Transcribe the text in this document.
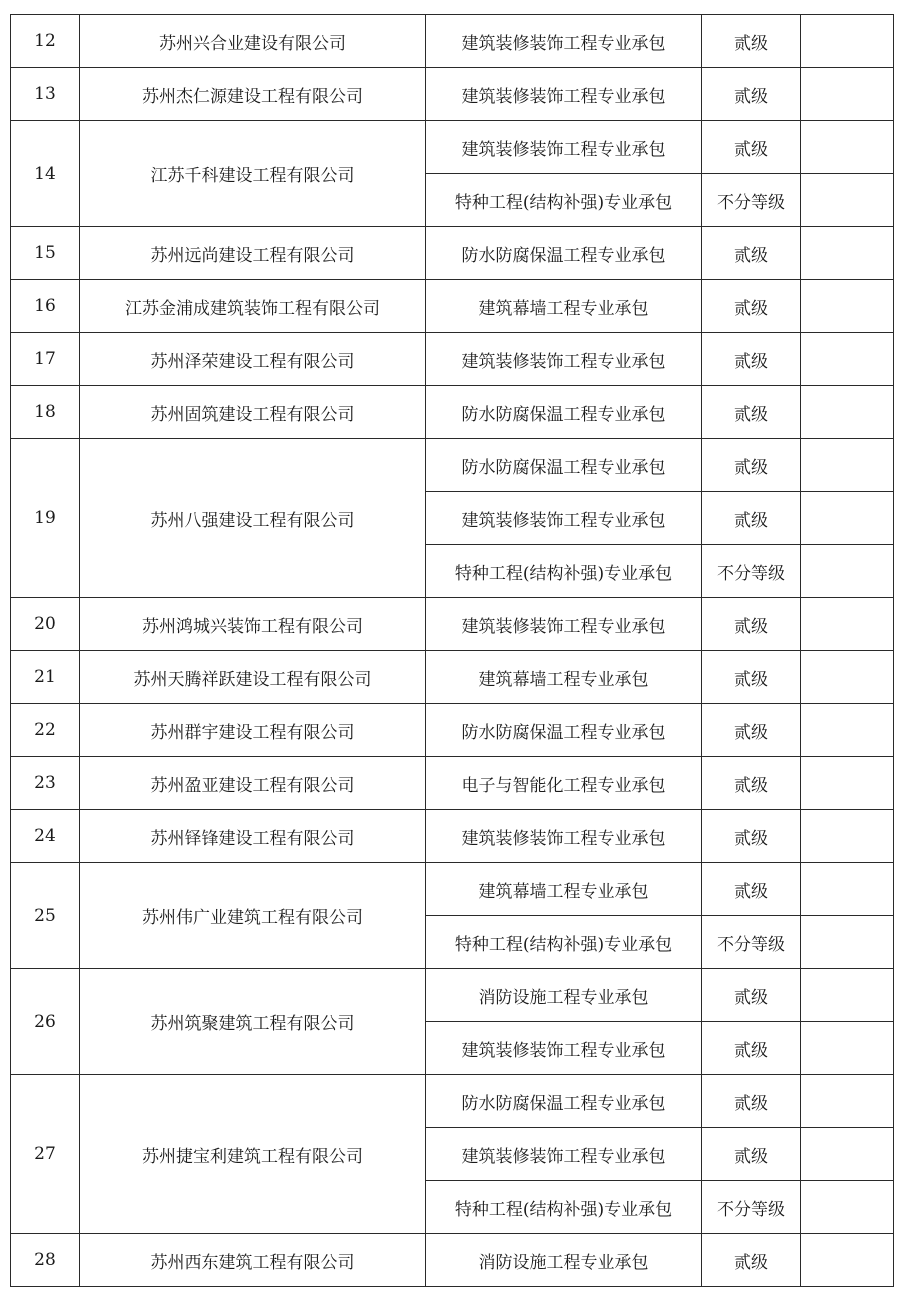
12	苏州兴合业建设有限公司	建筑装修装饰工程专业承包	贰级	
13	苏州杰仁源建设工程有限公司	建筑装修装饰工程专业承包	贰级	
14	江苏千科建设工程有限公司	建筑装修装饰工程专业承包	贰级	
		特种工程(结构补强)专业承包	不分等级	
15	苏州远尚建设工程有限公司	防水防腐保温工程专业承包	贰级	
16	江苏金浦成建筑装饰工程有限公司	建筑幕墙工程专业承包	贰级	
17	苏州泽荣建设工程有限公司	建筑装修装饰工程专业承包	贰级	
18	苏州固筑建设工程有限公司	防水防腐保温工程专业承包	贰级	
19	苏州八强建设工程有限公司	防水防腐保温工程专业承包	贰级	
		建筑装修装饰工程专业承包	贰级	
		特种工程(结构补强)专业承包	不分等级	
20	苏州鸿城兴装饰工程有限公司	建筑装修装饰工程专业承包	贰级	
21	苏州天腾祥跃建设工程有限公司	建筑幕墙工程专业承包	贰级	
22	苏州群宇建设工程有限公司	防水防腐保温工程专业承包	贰级	
23	苏州盈亚建设工程有限公司	电子与智能化工程专业承包	贰级	
24	苏州铎锋建设工程有限公司	建筑装修装饰工程专业承包	贰级	
25	苏州伟广业建筑工程有限公司	建筑幕墙工程专业承包	贰级	
		特种工程(结构补强)专业承包	不分等级	
26	苏州筑聚建筑工程有限公司	消防设施工程专业承包	贰级	
		建筑装修装饰工程专业承包	贰级	
27	苏州捷宝利建筑工程有限公司	防水防腐保温工程专业承包	贰级	
		建筑装修装饰工程专业承包	贰级	
		特种工程(结构补强)专业承包	不分等级	
28	苏州西东建筑工程有限公司	消防设施工程专业承包	贰级	
